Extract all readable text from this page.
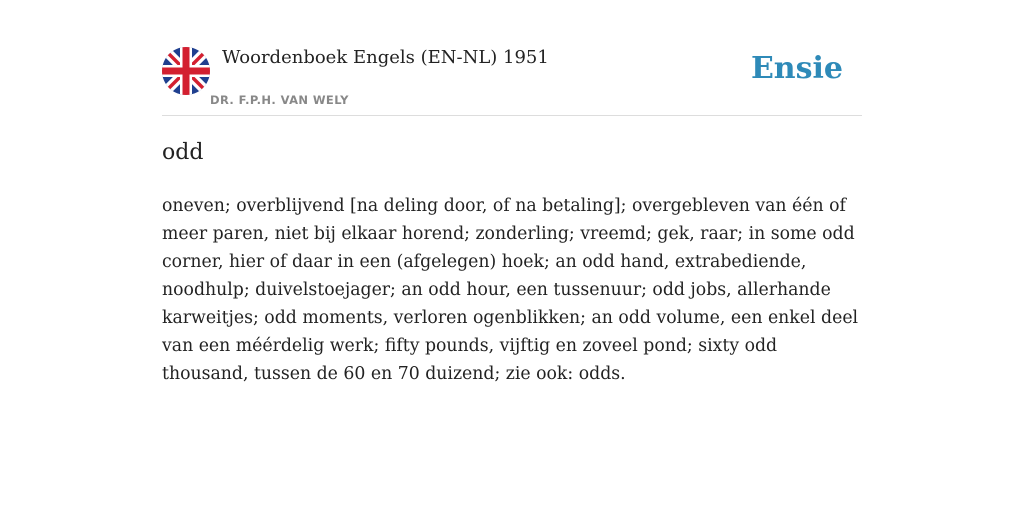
Woordenboek Engels (EN-NL) 1951
DR. F.P.H. VAN WELY
Ensie
odd
oneven; overblijvend [na deling door, of na betaling]; overgebleven van één of meer paren, niet bij elkaar horend; zonderling; vreemd; gek, raar; in some odd corner, hier of daar in een (afgelegen) hoek; an odd hand, extrabediende, noodhulp; duivelstoejager; an odd hour, een tussenuur; odd jobs, allerhande karweitjes; odd moments, verloren ogenblikken; an odd volume, een enkel deel van een méérdelig werk; fifty pounds, vijftig en zoveel pond; sixty odd thousand, tussen de 60 en 70 duizend; zie ook: odds.
